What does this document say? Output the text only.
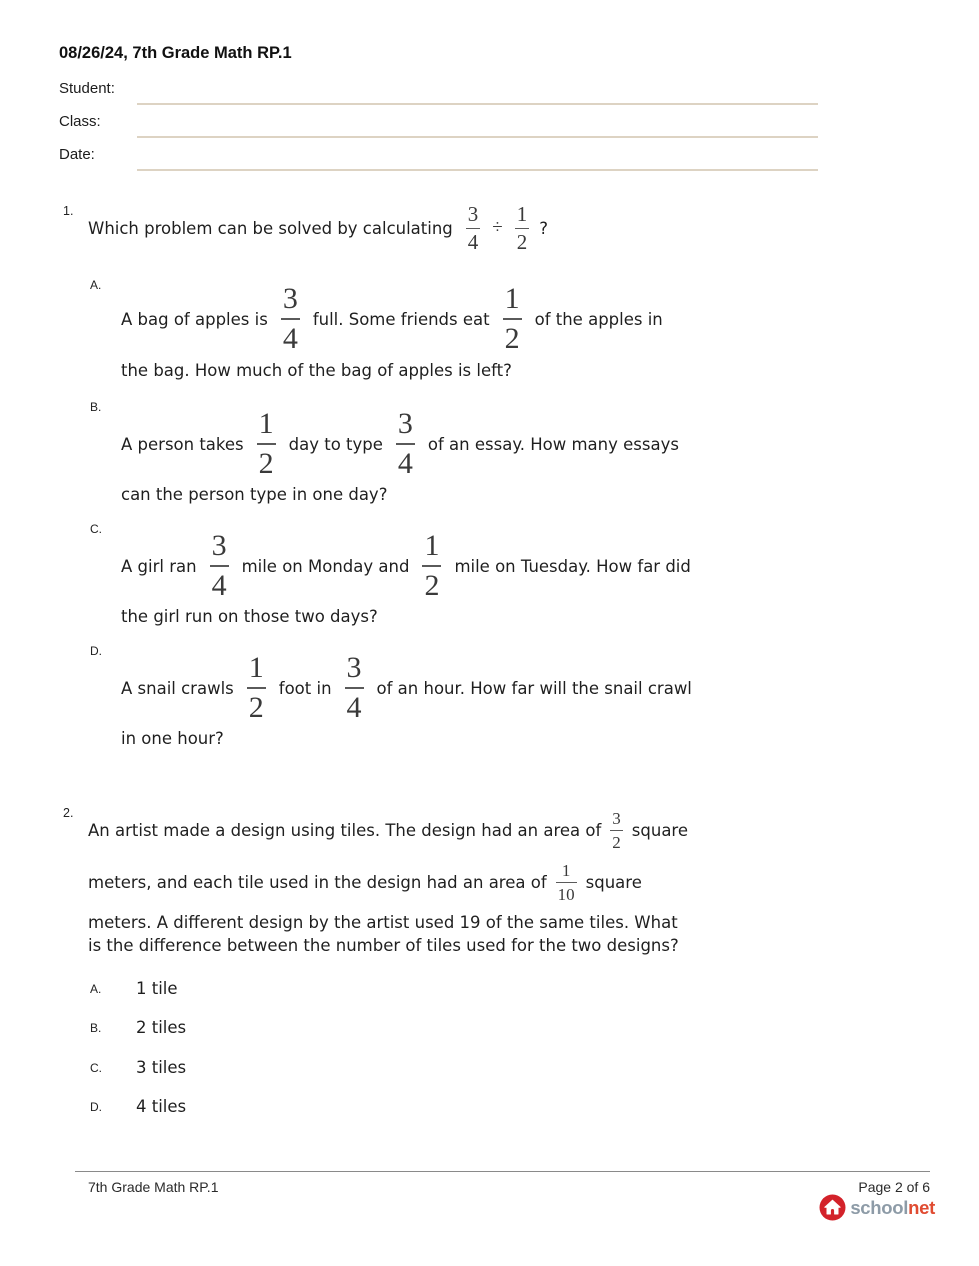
08/26/24, 7th Grade Math RP.1
Student:
Class:
Date:
1.
Which problem can be solved by calculating $\frac{3}{4} \div \frac{1}{2}$ ?
A.
A bag of apples is $\frac{3}{4}$ full. Some friends eat $\frac{1}{2}$ of the apples in
the bag. How much of the bag of apples is left?
B.
A person takes $\frac{1}{2}$ day to type $\frac{3}{4}$ of an essay. How many essays
can the person type in one day?
C.
A girl ran $\frac{3}{4}$ mile on Monday and $\frac{1}{2}$ mile on Tuesday. How far did
the girl run on those two days?
D.
A snail crawls $\frac{1}{2}$ foot in $\frac{3}{4}$ of an hour. How far will the snail crawl
in one hour?
2.
An artist made a design using tiles. The design had an area of $\frac{3}{2}$ square
meters, and each tile used in the design had an area of $\frac{1}{10}$ square
meters. A different design by the artist used 19 of the same tiles. What
is the difference between the number of tiles used for the two designs?
A. 1 tile
B. 2 tiles
C. 3 tiles
D. 4 tiles
7th Grade Math RP.1	Page 2 of 6
schoolnet
